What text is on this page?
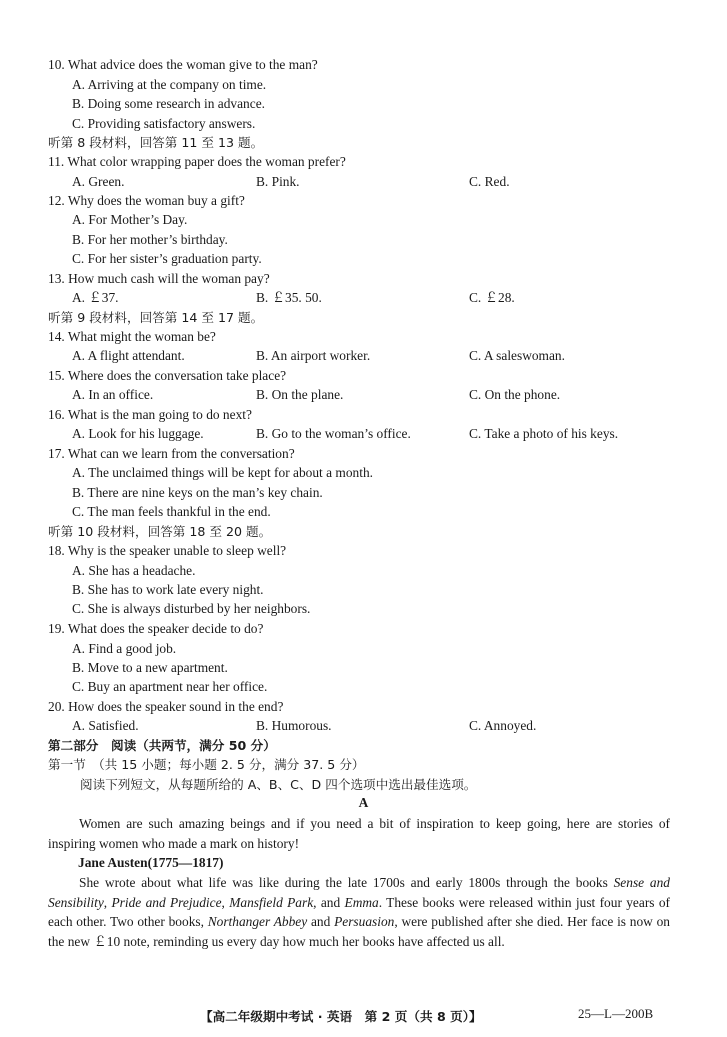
10. What advice does the woman give to the man?
A. Arriving at the company on time.
B. Doing some research in advance.
C. Providing satisfactory answers.
听第 8 段材料，回答第 11 至 13 题。
11. What color wrapping paper does the woman prefer?
A. Green.	B. Pink.	C. Red.
12. Why does the woman buy a gift?
A. For Mother’s Day.
B. For her mother’s birthday.
C. For her sister’s graduation party.
13. How much cash will the woman pay?
A. ￡37.	B. ￡35. 50.	C. ￡28.
听第 9 段材料，回答第 14 至 17 题。
14. What might the woman be?
A. A flight attendant.	B. An airport worker.	C. A saleswoman.
15. Where does the conversation take place?
A. In an office.	B. On the plane.	C. On the phone.
16. What is the man going to do next?
A. Look for his luggage.	B. Go to the woman’s office.	C. Take a photo of his keys.
17. What can we learn from the conversation?
A. The unclaimed things will be kept for about a month.
B. There are nine keys on the man’s key chain.
C. The man feels thankful in the end.
听第 10 段材料，回答第 18 至 20 题。
18. Why is the speaker unable to sleep well?
A. She has a headache.
B. She has to work late every night.
C. She is always disturbed by her neighbors.
19. What does the speaker decide to do?
A. Find a good job.
B. Move to a new apartment.
C. Buy an apartment near her office.
20. How does the speaker sound in the end?
A. Satisfied.	B. Humorous.	C. Annoyed.
第二部分　阅读（共两节，满分 50 分）
第一节　（共 15 小题；每小题 2. 5 分，满分 37. 5 分）
阅读下列短文，从每题所给的 A、B、C、D 四个选项中选出最佳选项。
A
Women are such amazing beings and if you need a bit of inspiration to keep going, here are stories of inspiring women who made a mark on history!
Jane Austen(1775—1817)
She wrote about what life was like during the late 1700s and early 1800s through the books Sense and Sensibility, Pride and Prejudice, Mansfield Park, and Emma. These books were released within just four years of each other. Two other books, Northanger Abbey and Persuasion, were published after she died. Her face is now on the new ￡10 note, reminding us every day how much her books have affected us all.
【高二年级期中考试 · 英语　第 2 页（共 8 页）】	25—L—200B
